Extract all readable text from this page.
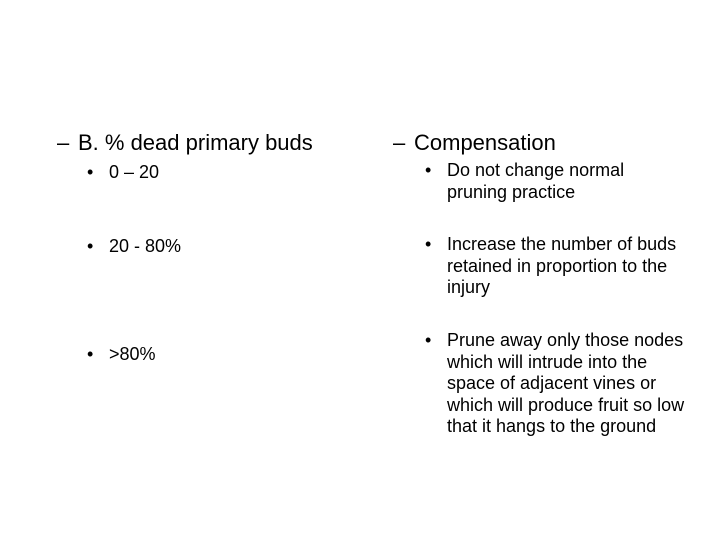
– B. % dead primary buds
• 0 – 20
• 20 - 80%
• >80%
– Compensation
• Do not change normal pruning practice
• Increase the number of buds retained in proportion to the injury
• Prune away only those nodes which will intrude into the space of adjacent vines or which will produce fruit so low that it hangs to the ground
